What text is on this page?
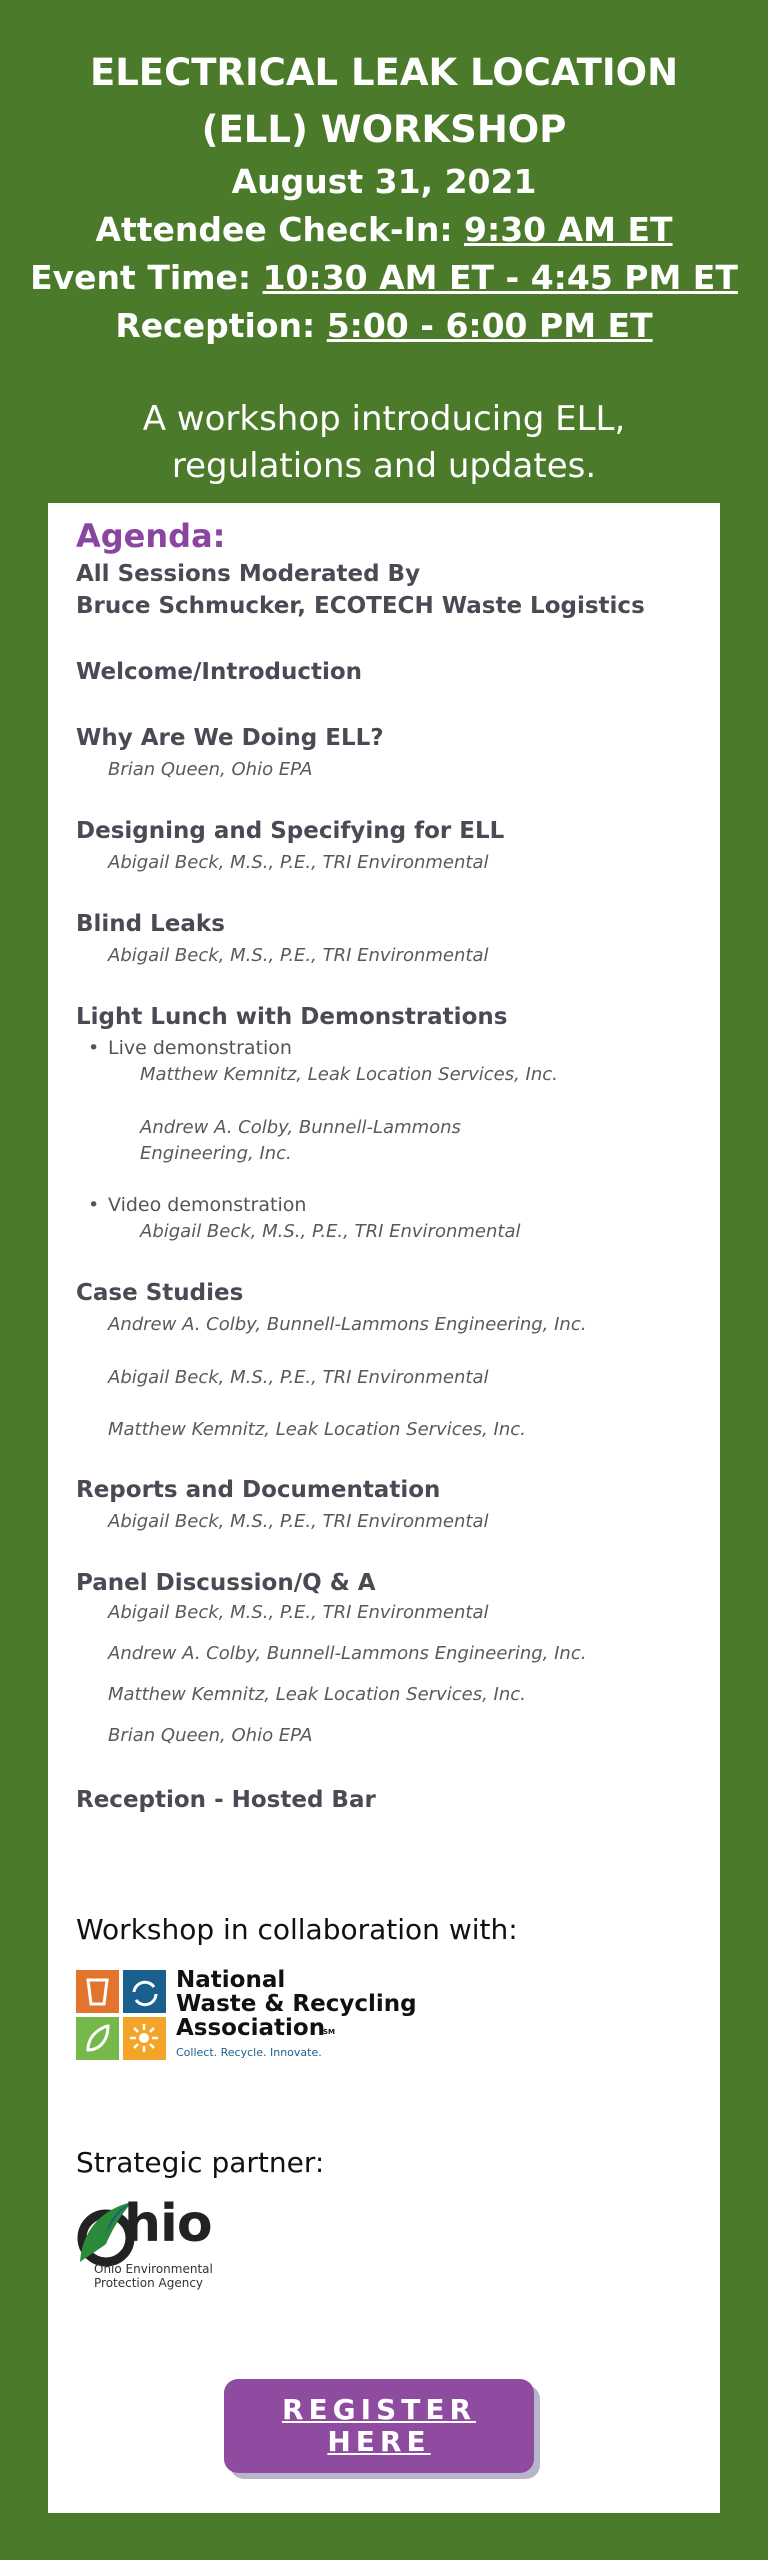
ELECTRICAL LEAK LOCATION
(ELL) WORKSHOP
August 31, 2021
Attendee Check-In: 9:30 AM ET
Event Time: 10:30 AM ET - 4:45 PM ET
Reception: 5:00 - 6:00 PM ET
A workshop introducing ELL,
regulations and updates.
Agenda:
All Sessions Moderated By
Bruce Schmucker, ECOTECH Waste Logistics
Welcome/Introduction
Why Are We Doing ELL?
Brian Queen, Ohio EPA
Designing and Specifying for ELL
Abigail Beck, M.S., P.E., TRI Environmental
Blind Leaks
Abigail Beck, M.S., P.E., TRI Environmental
Light Lunch with Demonstrations
• Live demonstration
Matthew Kemnitz, Leak Location Services, Inc.
Andrew A. Colby, Bunnell-Lammons
Engineering, Inc.
• Video demonstration
Abigail Beck, M.S., P.E., TRI Environmental
Case Studies
Andrew A. Colby, Bunnell-Lammons Engineering, Inc.
Abigail Beck, M.S., P.E., TRI Environmental
Matthew Kemnitz, Leak Location Services, Inc.
Reports and Documentation
Abigail Beck, M.S., P.E., TRI Environmental
Panel Discussion/Q & A
Abigail Beck, M.S., P.E., TRI Environmental
Andrew A. Colby, Bunnell-Lammons Engineering, Inc.
Matthew Kemnitz, Leak Location Services, Inc.
Brian Queen, Ohio EPA
Reception - Hosted Bar
Workshop in collaboration with:
National
Waste & Recycling
Association
SM
Collect. Recycle. Innovate.
Strategic partner:
hio
Ohio Environmental
Protection Agency
REGISTER
HERE
